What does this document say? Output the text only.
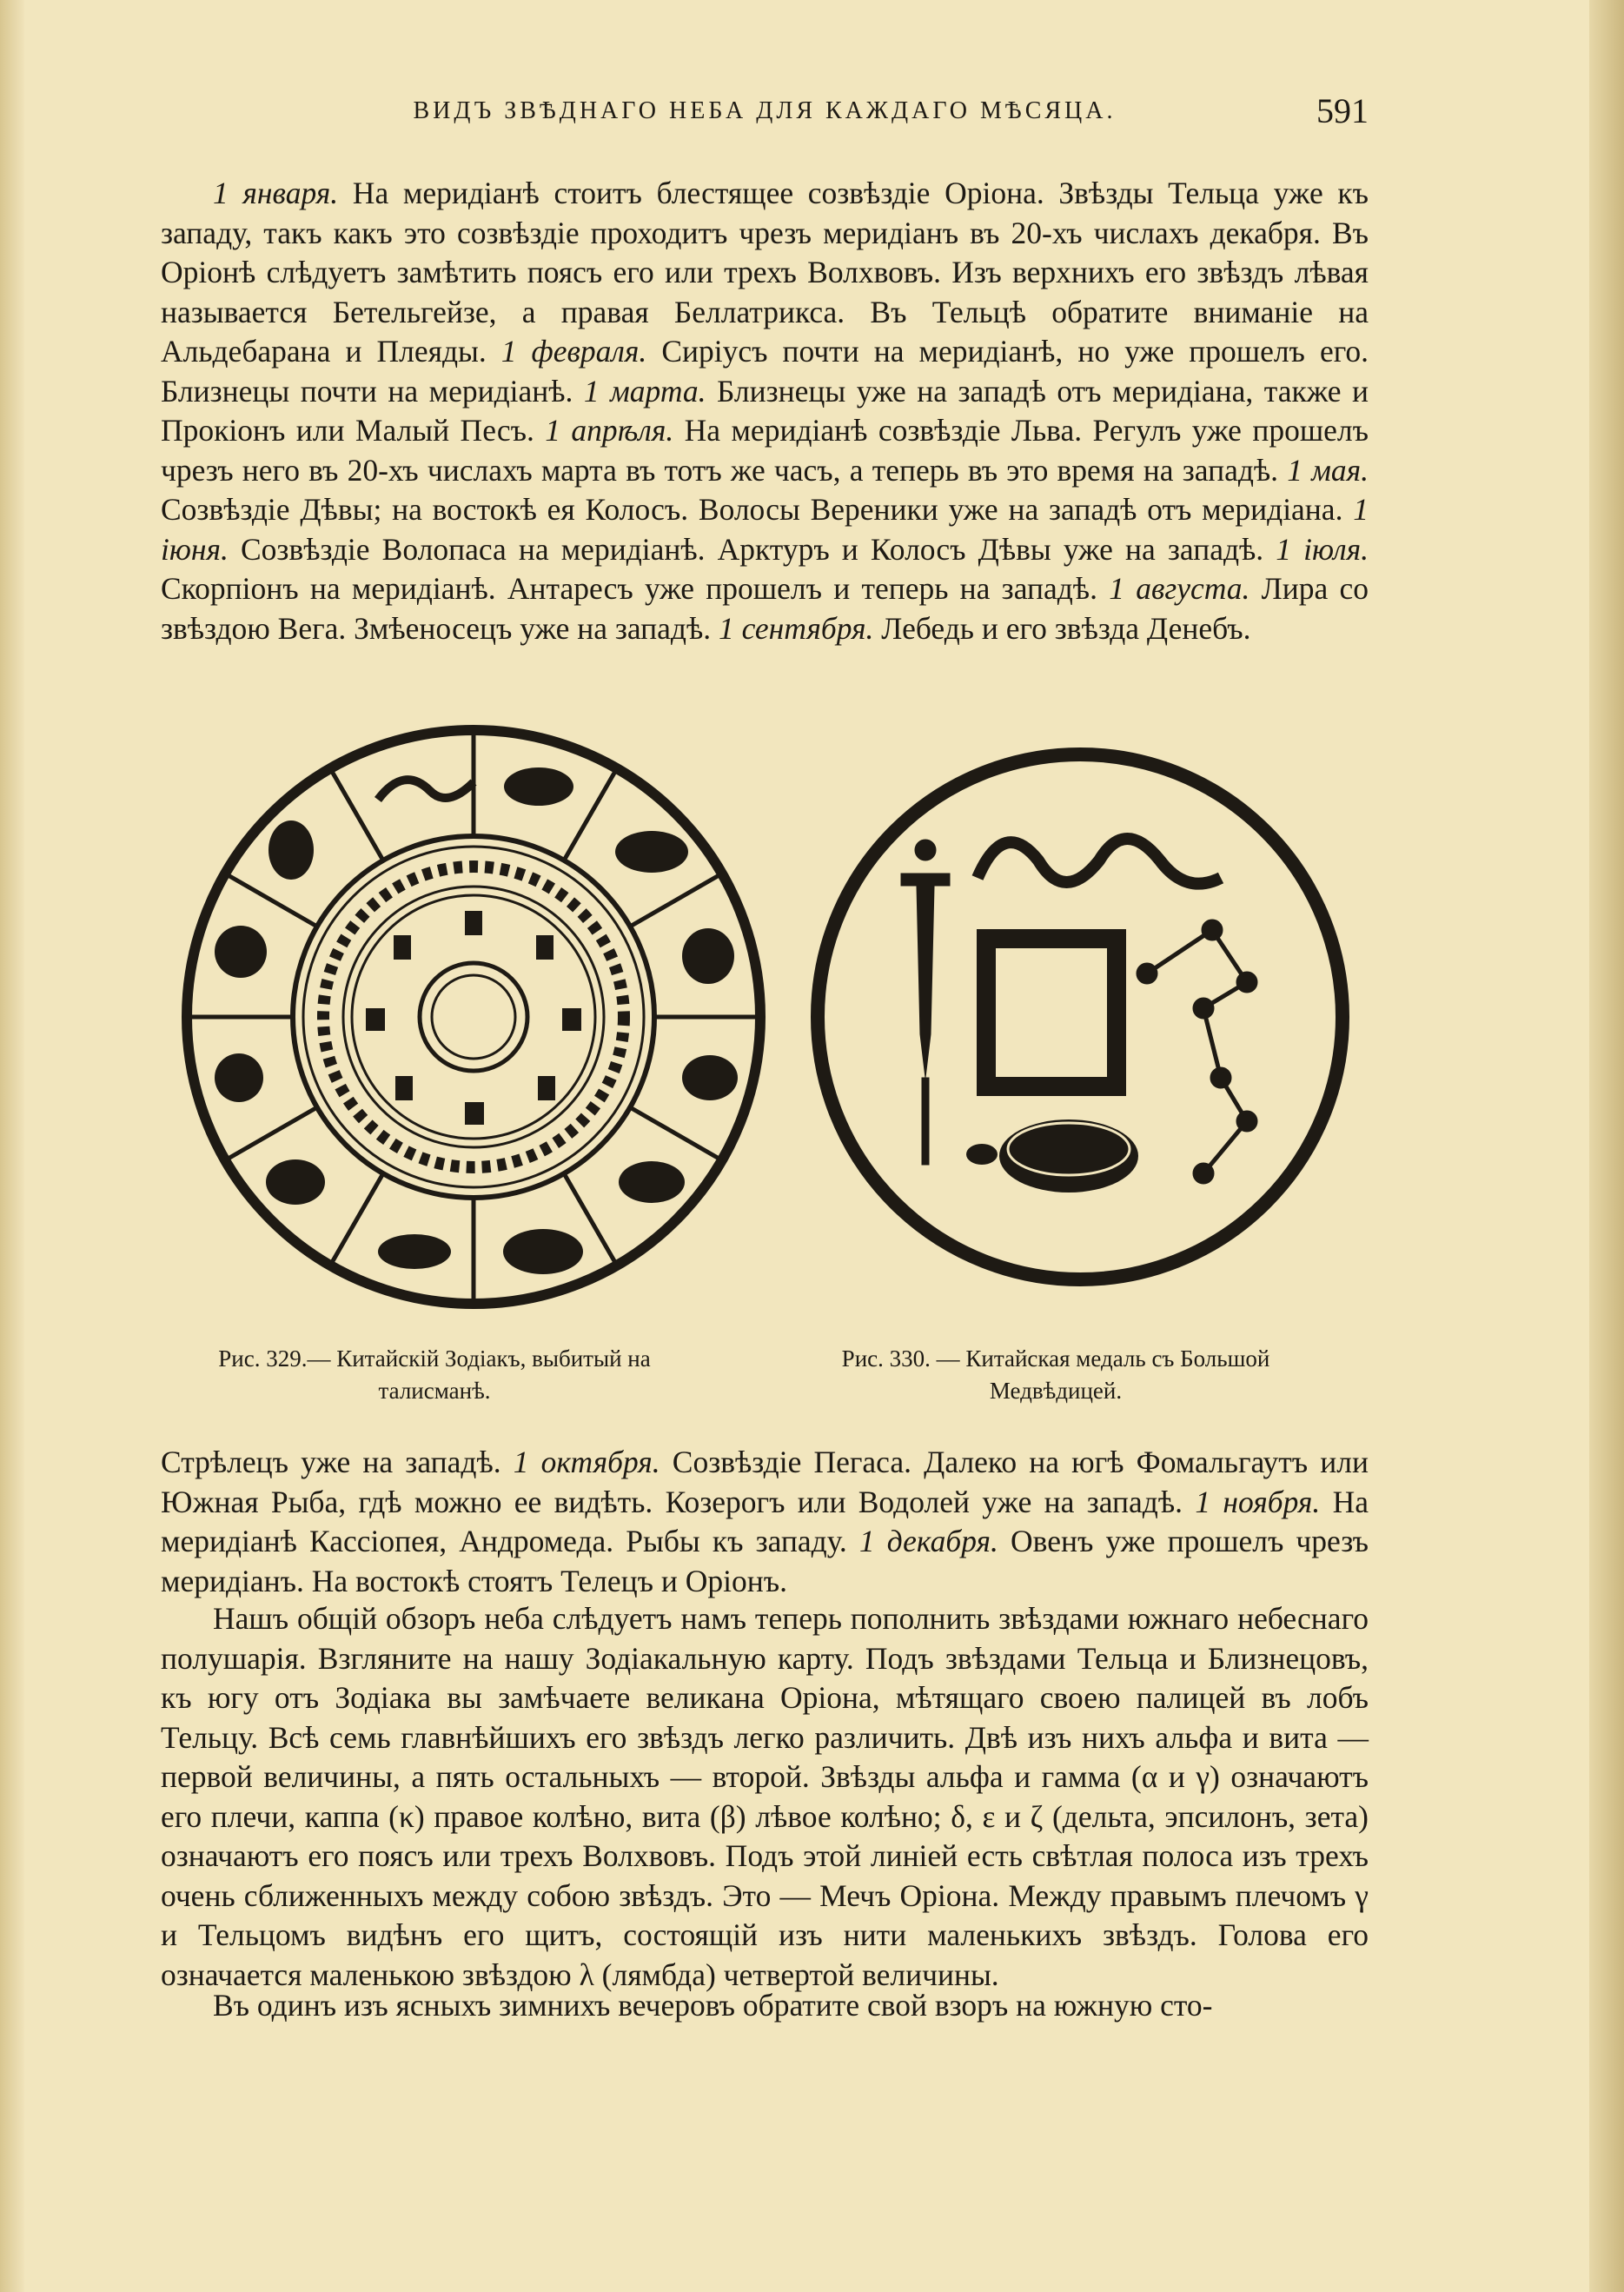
ВИДЪ ЗВѢДНАГО НЕБА ДЛЯ КАЖДАГО МѢСЯЦА.	591

1 января. На меридіанѣ стоитъ блестящее созвѣздіе Оріона. Звѣзды Тельца уже къ западу, такъ какъ это созвѣздіе проходитъ чрезъ меридіанъ въ 20-хъ числахъ декабря. Въ Оріонѣ слѣдуетъ замѣтить поясъ его или трехъ Волхвовъ. Изъ верхнихъ его звѣздъ лѣвая называется Бетельгейзе, а правая Беллатрикса. Въ Тельцѣ обратите вниманіе на Альдебарана и Плеяды. 1 февраля. Сиріусъ почти на меридіанѣ, но уже прошелъ его. Близнецы почти на меридіанѣ. 1 марта. Близнецы уже на западѣ отъ меридіана, также и Прокіонъ или Малый Песъ. 1 апрѣля. На меридіанѣ созвѣздіе Льва. Регулъ уже прошелъ чрезъ него въ 20-хъ числахъ марта въ тотъ же часъ, а теперь въ это время на западѣ. 1 мая. Созвѣздіе Дѣвы; на востокѣ ея Колосъ. Волосы Вереники уже на западѣ отъ меридіана. 1 іюня. Созвѣздіе Волопаса на меридіанѣ. Арктуръ и Колосъ Дѣвы уже на западѣ. 1 іюля. Скорпіонъ на меридіанѣ. Антаресъ уже прошелъ и теперь на западѣ. 1 августа. Лира со звѣздою Вега. Змѣеносецъ уже на западѣ. 1 сентября. Лебедь и его звѣзда Денебъ.

Рис. 329.— Китайскій Зодіакъ, выбитый на талисманѣ.
Рис. 330. — Китайская медаль съ Большой Медвѣдицей.

Стрѣлецъ уже на западѣ. 1 октября. Созвѣздіе Пегаса. Далеко на югѣ Фомальгаутъ или Южная Рыба, гдѣ можно ее видѣть. Козерогъ или Водолей уже на западѣ. 1 ноября. На меридіанѣ Кассіопея, Андромеда. Рыбы къ западу. 1 декабря. Овенъ уже прошелъ чрезъ меридіанъ. На востокѣ стоятъ Телецъ и Оріонъ.

Нашъ общій обзоръ неба слѣдуетъ намъ теперь пополнить звѣздами южнаго небеснаго полушарія. Взгляните на нашу Зодіакальную карту. Подъ звѣздами Тельца и Близнецовъ, къ югу отъ Зодіака вы замѣчаете великана Оріона, мѣтящаго своею палицей въ лобъ Тельцу. Всѣ семь главнѣйшихъ его звѣздъ легко различить. Двѣ изъ нихъ альфа и вита — первой величины, а пять остальныхъ — второй. Звѣзды альфа и гамма (α и γ) означаютъ его плечи, каппа (κ) правое колѣно, вита (β) лѣвое колѣно; δ, ε и ζ (дельта, эпсилонъ, зета) означаютъ его поясъ или трехъ Волхвовъ. Подъ этой линіей есть свѣтлая полоса изъ трехъ очень сближенныхъ между собою звѣздъ. Это — Мечъ Оріона. Между правымъ плечомъ γ и Тельцомъ видѣнъ его щитъ, состоящій изъ нити маленькихъ звѣздъ. Голова его означается маленькою звѣздою λ (лямбда) четвертой величины.

Въ одинъ изъ ясныхъ зимнихъ вечеровъ обратите свой взоръ на южную сто-
